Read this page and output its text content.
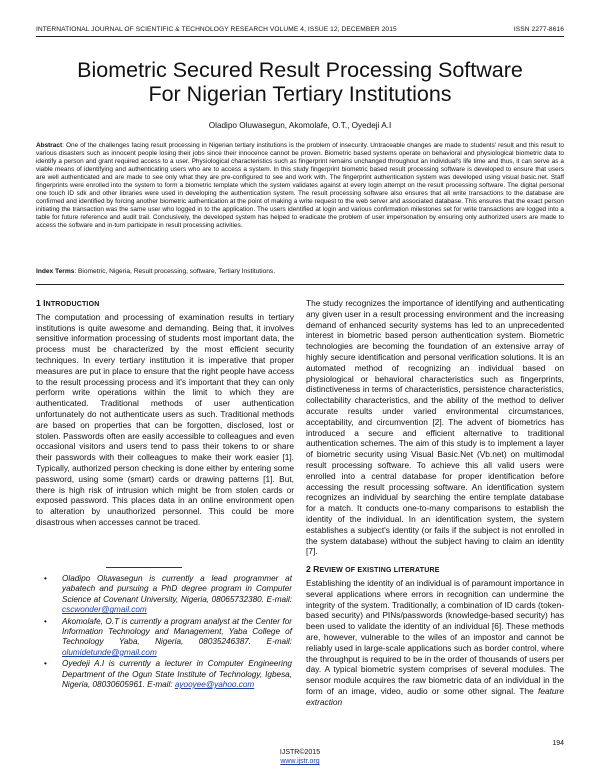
INTERNATIONAL JOURNAL OF SCIENTIFIC & TECHNOLOGY RESEARCH VOLUME 4, ISSUE 12, DECEMBER 2015	ISSN 2277-8616
Biometric Secured Result Processing Software
For Nigerian Tertiary Institutions
Oladipo Oluwasegun, Akomolafe, O.T., Oyedeji A.I
Abstract: One of the challenges facing result processing in Nigerian tertiary institutions is the problem of insecurity. Untraceable changes are made to students' result and this result to various disasters such as innocent people losing their jobs since their innocence cannot be proven. Biometric based systems operate on behavioral and physiological biometric data to identify a person and grant required access to a user. Physiological characteristics such as fingerprint remains unchanged throughout an individual's life time and thus, it can serve as a viable means of identifying and authenticating users who are to access a system. In this study fingerprint biometric based result processing software is developed to ensure that users are well authenticated and are made to see only what they are pre-configured to see and work with. The fingerprint authentication system was developed using visual basic.net. Staff fingerprints were enrolled into the system to form a biometric template which the system validates against at every login attempt on the result processing software. The digital personal one touch ID sdk and other libraries were used in developing the authentication system. The result processing software also ensures that all write transactions to the database are confirmed and identified by forcing another biometric authentication at the point of making a write request to the web server and associated database. This ensures that the exact person initiating the transaction was the same user who logged in to the application. The users identified at login and various confirmation milestones set for write transactions are logged into a table for future reference and audit trail. Conclusively, the developed system has helped to eradicate the problem of user impersonation by ensuring only authorized users are made to access the software and in-turn participate in result processing activities.
Index Terms: Biometric, Nigeria, Result processing, software, Tertiary Institutions.
1 INTRODUCTION

The computation and processing of examination results in tertiary institutions is quite awesome and demanding. Being that, it involves sensitive information processing of students most important data, the process must be characterized by the most efficient security techniques. In every tertiary institution it is imperative that proper measures are put in place to ensure that the right people have access to the result processing process and it's important that they can only perform write operations within the limit to which they are authenticated. Traditional methods of user authentication unfortunately do not authenticate users as such. Traditional methods are based on properties that can be forgotten, disclosed, lost or stolen. Passwords often are easily accessible to colleagues and even occasional visitors and users tend to pass their tokens to or share their passwords with their colleagues to make their work easier [1]. Typically, authorized person checking is done either by entering some password, using some (smart) cards or drawing patterns [1]. But, there is high risk of intrusion which might be from stolen cards or exposed password. This places data in an online environment open to alteration by unauthorized personnel. This could be more disastrous when accesses cannot be traced.

The study recognizes the importance of identifying and authenticating any given user in a result processing environment and the increasing demand of enhanced security systems has led to an unprecedented interest in biometric based person authentication system. Biometric technologies are becoming the foundation of an extensive array of highly secure identification and personal verification solutions. It is an automated method of recognizing an individual based on physiological or behavioral characteristics such as fingerprints, distinctiveness in terms of characteristics, persistence characteristics, collectability characteristics, and the ability of the method to deliver accurate results under varied environmental circumstances, acceptability, and circumvention [2]. The advent of biometrics has introduced a secure and efficient alternative to traditional authentication schemes. The aim of this study is to implement a layer of biometric security using Visual Basic.Net (Vb.net) on multimodal result processing software. To achieve this all valid users were enrolled into a central database for proper identification before accessing the result processing software. An identification system recognizes an individual by searching the entire template database for a match. It conducts one-to-many comparisons to establish the identity of the individual. In an identification system, the system establishes a subject's identity (or fails if the subject is not enrolled in the system database) without the subject having to claim an identity [7].

2 REVIEW OF EXISTING LITERATURE

Establishing the identity of an individual is of paramount importance in several applications where errors in recognition can undermine the integrity of the system. Traditionally, a combination of ID cards (token-based security) and PINs/passwords (knowledge-based security) has been used to validate the identity of an individual [6]. These methods are, however, vulnerable to the wiles of an impostor and cannot be reliably used in large-scale applications such as border control, where the throughput is required to be in the order of thousands of users per day. A typical biometric system comprises of several modules. The sensor module acquires the raw biometric data of an individual in the form of an image, video, audio or some other signal. The feature extraction

• Oladipo Oluwasegun is currently a lead programmer at yabatech and pursuing a PhD degree program in Computer Science at Covenant University, Nigeria, 08065732380. E-mail: cscwonder@gmail.com
• Akomolafe, O.T is currently a program analyst at the Center for Information Technology and Management, Yaba College of Technology Yaba, Nigeria, 08035246387. E-mail: olumidetunde@gmail.com
• Oyedeji A.I is currently a lecturer in Computer Engineering Department of the Ogun State Institute of Technology, Igbesa, Nigeria, 08030605961. E-mail: ayooyee@yahoo.com
194
IJSTR©2015
www.ijstr.org
